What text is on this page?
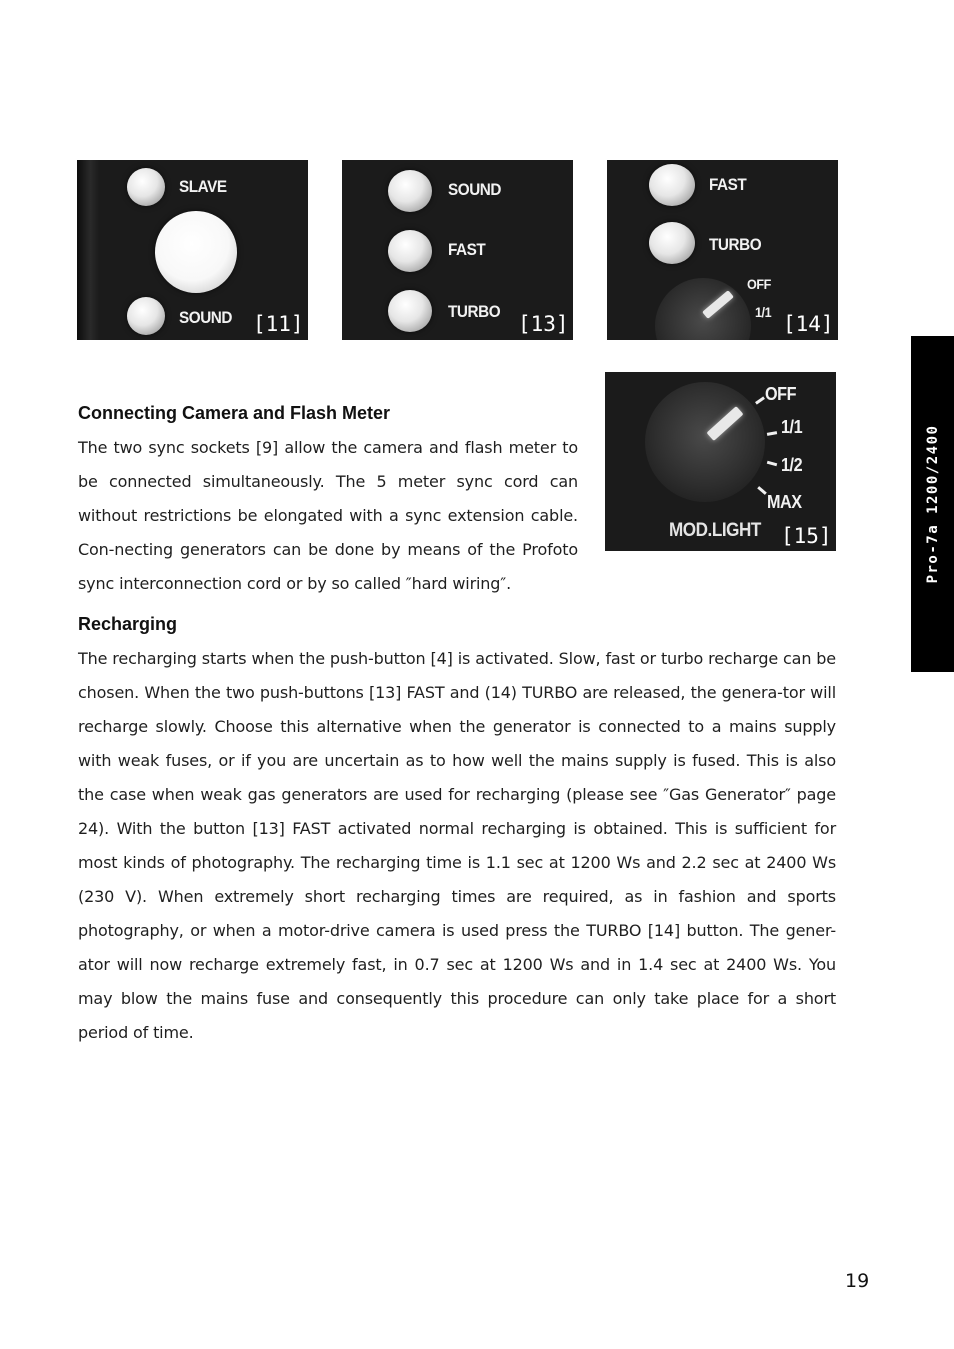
SLAVE
SOUND [11]
SOUND
FAST
TURBO
[13]
FAST
TURBO
OFF
1/1 [14]
OFF
1/1
1/2
MAX
MOD.LIGHT [15]
Connecting Camera and Flash Meter

The two sync sockets [9] allow the camera and flash meter to be connected simultaneously. The 5 meter sync cord can without restrictions be elongated with a sync extension cable. Con-necting generators can be done by means of the Profoto sync interconnection cord or by so called ″hard wiring″.

Recharging

The recharging starts when the push-button [4] is activated. Slow, fast or turbo recharge can be chosen. When the two push-buttons [13] FAST and (14) TURBO are released, the genera-tor will recharge slowly. Choose this alternative when the generator is connected to a mains supply with weak fuses, or if you are uncertain as to how well the mains supply is fused. This is also the case when weak gas generators are used for recharging (please see ″Gas Generator″ page 24). With the button [13] FAST activated normal recharging is obtained. This is sufficient for most kinds of photography. The recharging time is 1.1 sec at 1200 Ws and 2.2 sec at 2400 Ws (230 V). When extremely short recharging times are required, as in fashion and sports photography, or when a motor-drive camera is used press the TURBO [14] button. The gener-ator will now recharge extremely fast, in 0.7 sec at 1200 Ws and in 1.4 sec at 2400 Ws. You may blow the mains fuse and consequently this procedure can only take place for a short period of time.

Pro-7a 1200/2400
19
